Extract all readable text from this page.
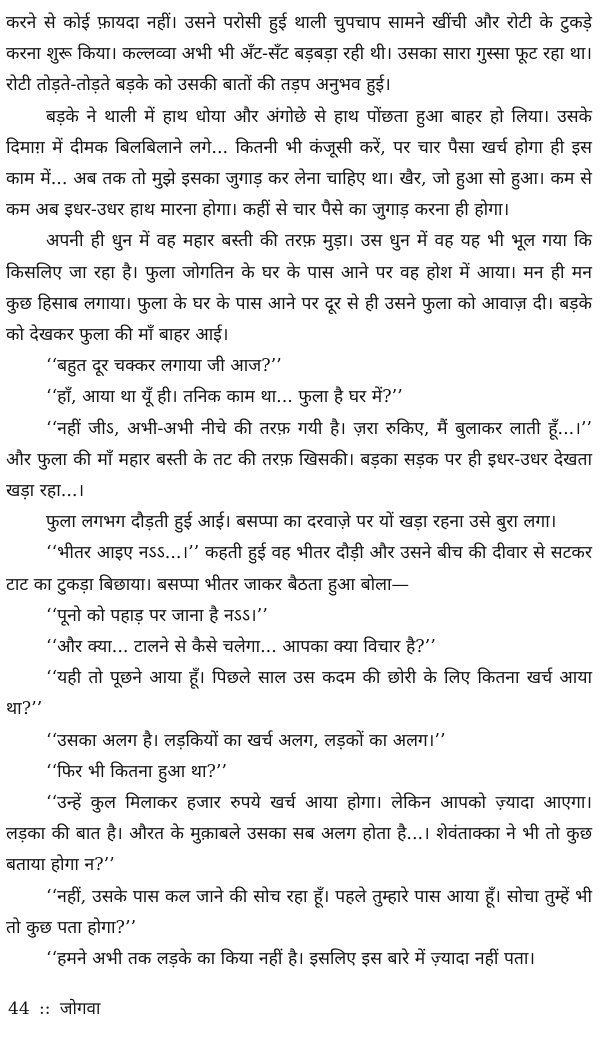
करने से कोई फ़ायदा नहीं। उसने परोसी हुई थाली चुपचाप सामने खींची और रोटी के टुकड़े करना शुरू किया। कल्लव्वा अभी भी अँट-सँट बड़बड़ा रही थी। उसका सारा गुस्सा फूट रहा था। रोटी तोड़ते-तोड़ते बड़के को उसकी बातों की तड़प अनुभव हुई।

बड़के ने थाली में हाथ धोया और अंगोछे से हाथ पोंछता हुआ बाहर हो लिया। उसके दिमाग़ में दीमक बिलबिलाने लगे... कितनी भी कंजूसी करें, पर चार पैसा खर्च होगा ही इस काम में... अब तक तो मुझे इसका जुगाड़ कर लेना चाहिए था। खैर, जो हुआ सो हुआ। कम से कम अब इधर-उधर हाथ मारना होगा। कहीं से चार पैसे का जुगाड़ करना ही होगा।

अपनी ही धुन में वह महार बस्ती की तरफ़ मुड़ा। उस धुन में वह यह भी भूल गया कि किसलिए जा रहा है। फुला जोगतिन के घर के पास आने पर वह होश में आया। मन ही मन कुछ हिसाब लगाया। फुला के घर के पास आने पर दूर से ही उसने फुला को आवाज़ दी। बड़के को देखकर फुला की माँ बाहर आई।

‘‘बहुत दूर चक्कर लगाया जी आज?’’

‘‘हाँ, आया था यूँ ही। तनिक काम था... फुला है घर में?’’

‘‘नहीं जीऽ, अभी-अभी नीचे की तरफ़ गयी है। ज़रा रुकिए, मैं बुलाकर लाती हूँ...।’’ और फुला की माँ महार बस्ती के तट की तरफ़ खिसकी। बड़का सड़क पर ही इधर-उधर देखता खड़ा रहा...।

फुला लगभग दौड़ती हुई आई। बसप्पा का दरवाज़े पर यों खड़ा रहना उसे बुरा लगा।

‘‘भीतर आइए नऽऽ...।’’ कहती हुई वह भीतर दौड़ी और उसने बीच की दीवार से सटकर टाट का टुकड़ा बिछाया। बसप्पा भीतर जाकर बैठता हुआ बोला—

‘‘पूनो को पहाड़ पर जाना है नऽऽ।’’

‘‘और क्या... टालने से कैसे चलेगा... आपका क्या विचार है?’’

‘‘यही तो पूछने आया हूँ। पिछले साल उस कदम की छोरी के लिए कितना खर्च आया था?’’

‘‘उसका अलग है। लड़कियों का खर्च अलग, लड़कों का अलग।’’

‘‘फिर भी कितना हुआ था?’’

‘‘उन्हें कुल मिलाकर हजार रुपये खर्च आया होगा। लेकिन आपको ज़्यादा आएगा। लड़का की बात है। औरत के मुक़ाबले उसका सब अलग होता है...। शेवंताक्का ने भी तो कुछ बताया होगा न?’’

‘‘नहीं, उसके पास कल जाने की सोच रहा हूँ। पहले तुम्हारे पास आया हूँ। सोचा तुम्हें भी तो कुछ पता होगा?’’

‘‘हमने अभी तक लड़के का किया नहीं है। इसलिए इस बारे में ज़्यादा नहीं पता।

44 :: जोगवा
